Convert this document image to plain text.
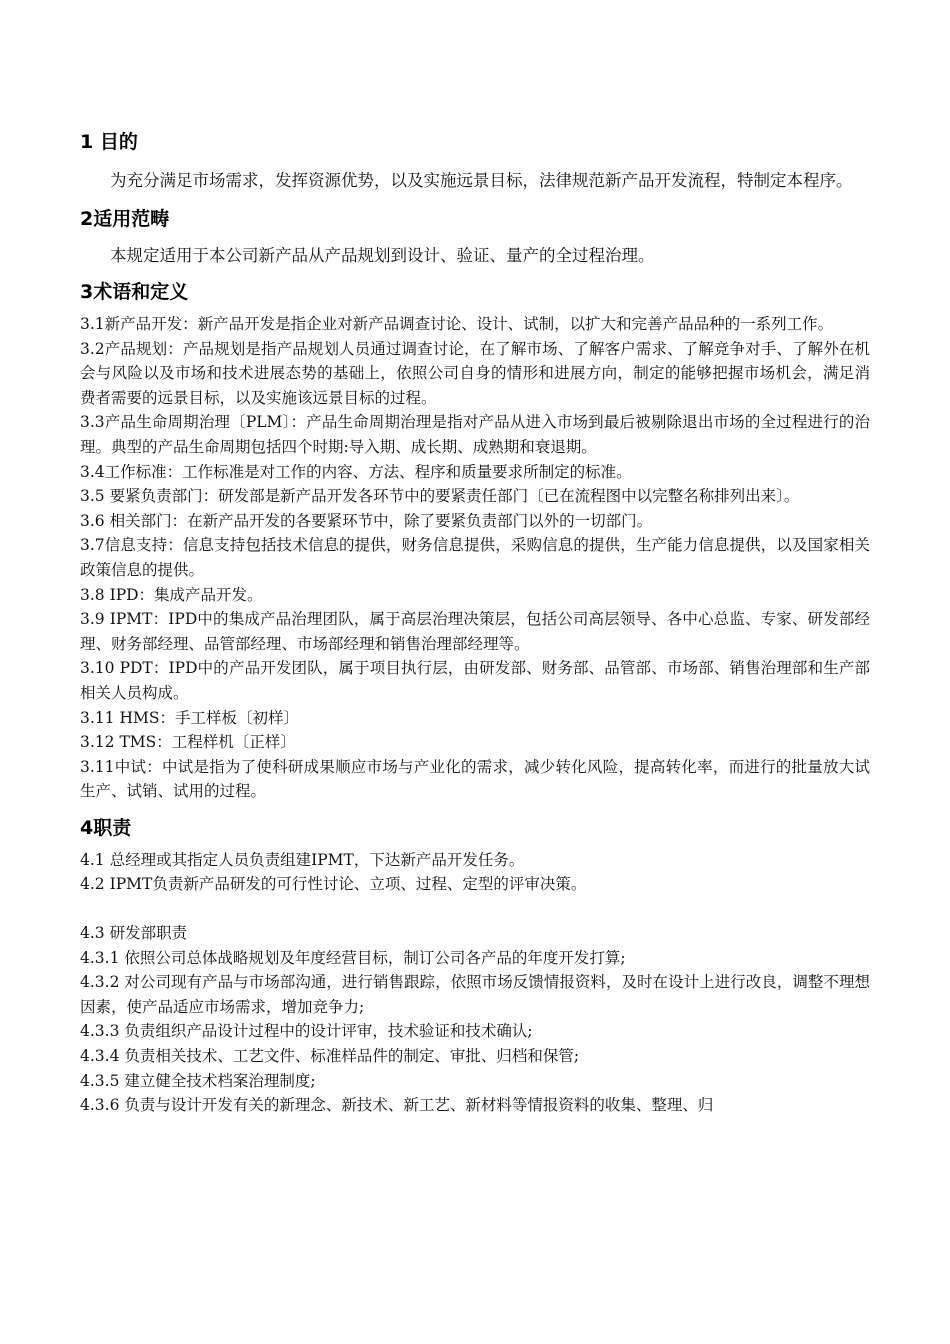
1 目的

为充分满足市场需求，发挥资源优势，以及实施远景目标，法律规范新产品开发流程，特制定本程序。

2适用范畴

本规定适用于本公司新产品从产品规划到设计、验证、量产的全过程治理。

3术语和定义

3.1新产品开发：新产品开发是指企业对新产品调查讨论、设计、试制，以扩大和完善产品品种的一系列工作。

3.2产品规划：产品规划是指产品规划人员通过调查讨论，在了解市场、了解客户需求、了解竞争对手、了解外在机会与风险以及市场和技术进展态势的基础上，依照公司自身的情形和进展方向，制定的能够把握市场机会，满足消费者需要的远景目标，以及实施该远景目标的过程。

3.3产品生命周期治理〔PLM〕：产品生命周期治理是指对产品从进入市场到最后被剔除退出市场的全过程进行的治理。典型的产品生命周期包括四个时期:导入期、成长期、成熟期和衰退期。

3.4工作标准：工作标准是对工作的内容、方法、程序和质量要求所制定的标准。

3.5 要紧负责部门：研发部是新产品开发各环节中的要紧责任部门〔已在流程图中以完整名称排列出来〕。

3.6 相关部门：在新产品开发的各要紧环节中，除了要紧负责部门以外的一切部门。

3.7信息支持：信息支持包括技术信息的提供，财务信息提供，采购信息的提供，生产能力信息提供，以及国家相关政策信息的提供。

3.8 IPD：集成产品开发。

3.9 IPMT：IPD中的集成产品治理团队，属于高层治理决策层，包括公司高层领导、各中心总监、专家、研发部经理、财务部经理、品管部经理、市场部经理和销售治理部经理等。

3.10 PDT：IPD中的产品开发团队，属于项目执行层，由研发部、财务部、品管部、市场部、销售治理部和生产部相关人员构成。

3.11 HMS：手工样板〔初样〕

3.12 TMS：工程样机〔正样〕

3.11中试：中试是指为了使科研成果顺应市场与产业化的需求，减少转化风险，提高转化率，而进行的批量放大试生产、试销、试用的过程。

4职责

4.1 总经理或其指定人员负责组建IPMT，下达新产品开发任务。

4.2 IPMT负责新产品研发的可行性讨论、立项、过程、定型的评审决策。

4.3 研发部职责

4.3.1 依照公司总体战略规划及年度经营目标，制订公司各产品的年度开发打算;

4.3.2 对公司现有产品与市场部沟通，进行销售跟踪，依照市场反馈情报资料，及时在设计上进行改良，调整不理想因素，使产品适应市场需求，增加竞争力;

4.3.3 负责组织产品设计过程中的设计评审，技术验证和技术确认;

4.3.4 负责相关技术、工艺文件、标准样品件的制定、审批、归档和保管;

4.3.5 建立健全技术档案治理制度;

4.3.6 负责与设计开发有关的新理念、新技术、新工艺、新材料等情报资料的收集、整理、归
